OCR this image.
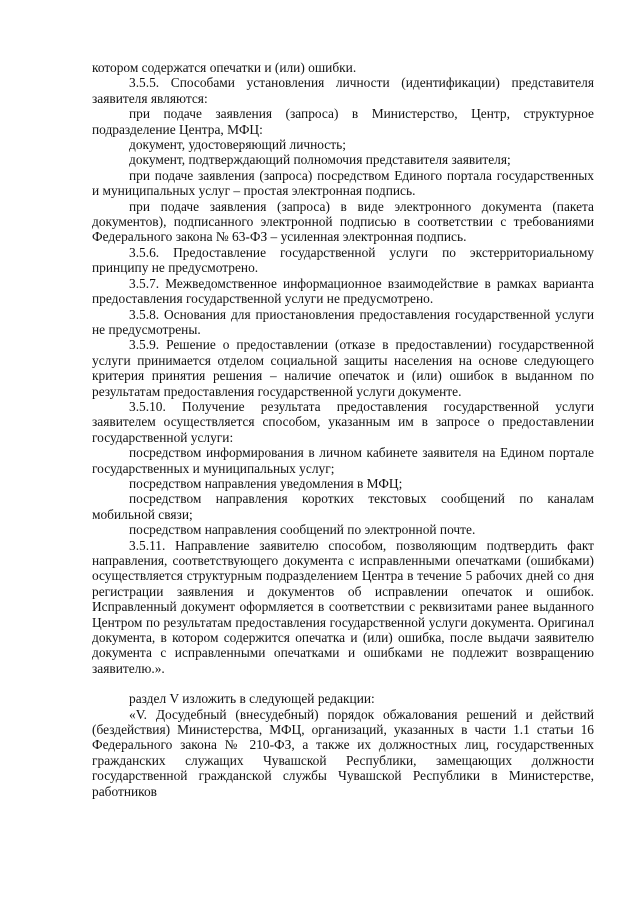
котором содержатся опечатки и (или) ошибки.
3.5.5. Способами установления личности (идентификации) представителя заявителя являются:
при подаче заявления (запроса) в Министерство, Центр, структурное подразделение Центра, МФЦ:
документ, удостоверяющий личность;
документ, подтверждающий полномочия представителя заявителя;
при подаче заявления (запроса) посредством Единого портала государственных и муниципальных услуг – простая электронная подпись.
при подаче заявления (запроса) в виде электронного документа (пакета документов), подписанного электронной подписью в соответствии с требованиями Федерального закона № 63-ФЗ – усиленная электронная подпись.
3.5.6. Предоставление государственной услуги по экстерриториальному принципу не предусмотрено.
3.5.7. Межведомственное информационное взаимодействие в рамках варианта предоставления государственной услуги не предусмотрено.
3.5.8. Основания для приостановления предоставления государственной услуги не предусмотрены.
3.5.9. Решение о предоставлении (отказе в предоставлении) государственной услуги принимается отделом социальной защиты населения на основе следующего критерия принятия решения – наличие опечаток и (или) ошибок в выданном по результатам предоставления государственной услуги документе.
3.5.10. Получение результата предоставления государственной услуги заявителем осуществляется способом, указанным им в запросе о предоставлении государственной услуги:
посредством информирования в личном кабинете заявителя на Едином портале государственных и муниципальных услуг;
посредством направления уведомления в МФЦ;
посредством направления коротких текстовых сообщений по каналам мобильной связи;
посредством направления сообщений по электронной почте.
3.5.11. Направление заявителю способом, позволяющим подтвердить факт направления, соответствующего документа с исправленными опечатками (ошибками) осуществляется структурным подразделением Центра в течение 5 рабочих дней со дня регистрации заявления и документов об исправлении опечаток и ошибок. Исправленный документ оформляется в соответствии с реквизитами ранее выданного Центром по результатам предоставления государственной услуги документа. Оригинал документа, в котором содержится опечатка и (или) ошибка, после выдачи заявителю документа с исправленными опечатками и ошибками не подлежит возвращению заявителю.».
раздел V изложить в следующей редакции:
«V. Досудебный (внесудебный) порядок обжалования решений и действий (бездействия) Министерства, МФЦ, организаций, указанных в части 1.1 статьи 16 Федерального закона № 210-ФЗ, а также их должностных лиц, государственных гражданских служащих Чувашской Республики, замещающих должности государственной гражданской службы Чувашской Республики в Министерстве, работников
